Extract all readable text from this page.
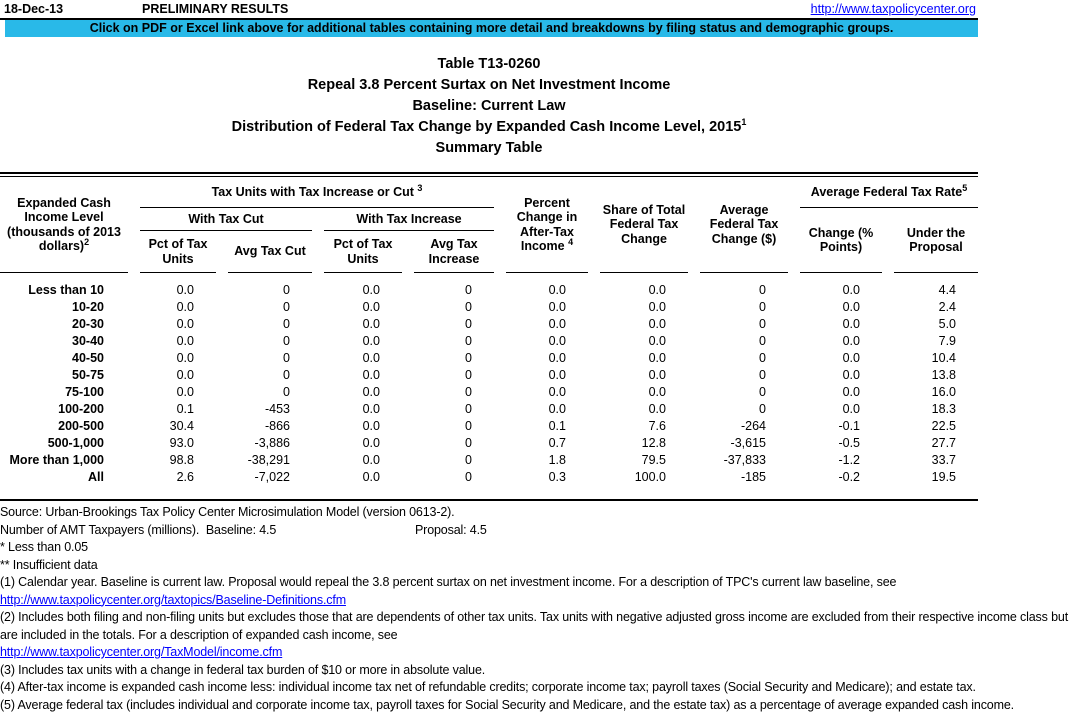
18-Dec-13	PRELIMINARY RESULTS	http://www.taxpolicycenter.org
Click on PDF or Excel link above for additional tables containing more detail and breakdowns by filing status and demographic groups.
Table T13-0260
Repeal 3.8 Percent Surtax on Net Investment Income
Baseline: Current Law
Distribution of Federal Tax Change by Expanded Cash Income Level, 2015$^1$
Summary Table
Expanded Cash Income Level (thousands of 2013 dollars)$^2$	Tax Units with Tax Increase or Cut $^3$				Percent Change in After-Tax Income $^4$	Share of Total Federal Tax Change	Average Federal Tax Change ($)	Average Federal Tax Rate$^5$
	With Tax Cut		With Tax Increase					Change (% Points)	Under the Proposal
	Pct of Tax Units	Avg Tax Cut	Pct of Tax Units	Avg Tax Increase					

Less than 10	0.0	0	0.0	0	0.0	0.0	0	0.0	4.4
10-20	0.0	0	0.0	0	0.0	0.0	0	0.0	2.4
20-30	0.0	0	0.0	0	0.0	0.0	0	0.0	5.0
30-40	0.0	0	0.0	0	0.0	0.0	0	0.0	7.9
40-50	0.0	0	0.0	0	0.0	0.0	0	0.0	10.4
50-75	0.0	0	0.0	0	0.0	0.0	0	0.0	13.8
75-100	0.0	0	0.0	0	0.0	0.0	0	0.0	16.0
100-200	0.1	-453	0.0	0	0.0	0.0	0	0.0	18.3
200-500	30.4	-866	0.0	0	0.1	7.6	-264	-0.1	22.5
500-1,000	93.0	-3,886	0.0	0	0.7	12.8	-3,615	-0.5	27.7
More than 1,000	98.8	-38,291	0.0	0	1.8	79.5	-37,833	-1.2	33.7
All	2.6	-7,022	0.0	0	0.3	100.0	-185	-0.2	19.5
Source: Urban-Brookings Tax Policy Center Microsimulation Model (version 0613-2).
Number of AMT Taxpayers (millions).  Baseline: 4.5	Proposal: 4.5
* Less than 0.05
** Insufficient data
(1) Calendar year. Baseline is current law. Proposal would repeal the 3.8 percent surtax on net investment income. For a description of TPC's current law baseline, see
http://www.taxpolicycenter.org/taxtopics/Baseline-Definitions.cfm
(2) Includes both filing and non-filing units but excludes those that are dependents of other tax units. Tax units with negative adjusted gross income are excluded from their respective income class but are included in the totals. For a description of expanded cash income, see
http://www.taxpolicycenter.org/TaxModel/income.cfm
(3) Includes tax units with a change in federal tax burden of $10 or more in absolute value.
(4) After-tax income is expanded cash income less: individual income tax net of refundable credits; corporate income tax; payroll taxes (Social Security and Medicare); and estate tax.
(5) Average federal tax (includes individual and corporate income tax, payroll taxes for Social Security and Medicare, and the estate tax) as a percentage of average expanded cash income.
